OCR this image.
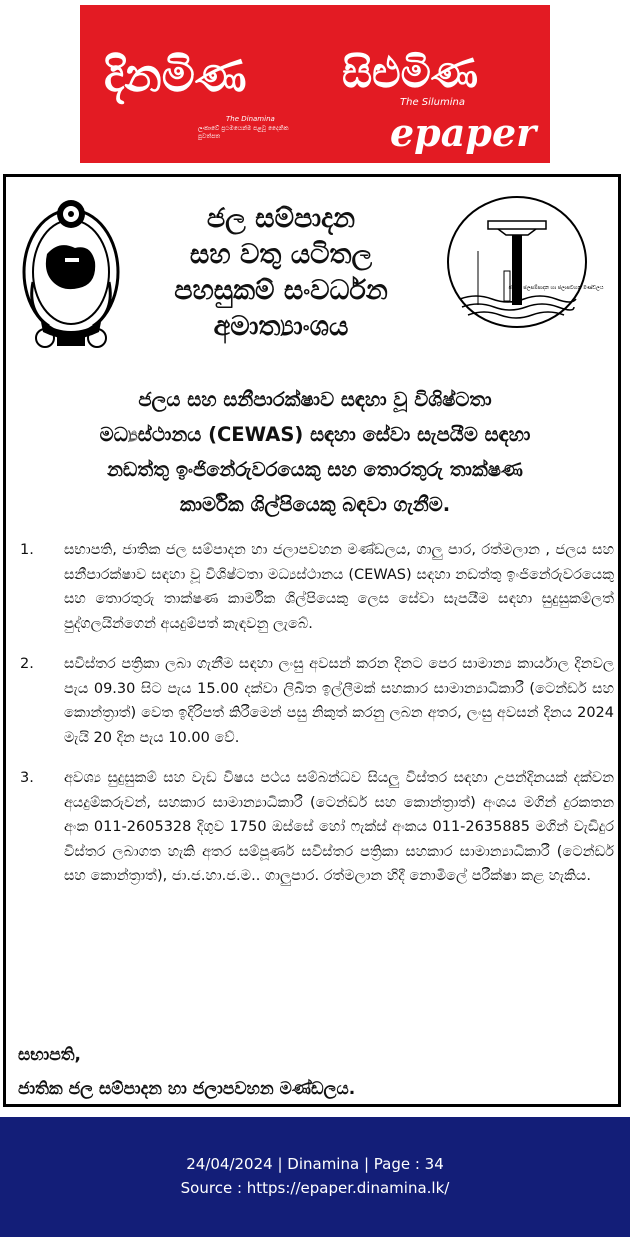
දිනමිණ
The Dinamina
ලංකාවේ ප්‍රථමයෙන්ම පළවූ දෛනික පුවත්පත
සිළුමිණ
The Silumina
epaper
ජාතික ජලසම්පාදන හා ජලාපවහන මණ්ඩලය
ජල සම්පාදන
සහ වතු යටිතල
පහසුකම් සංවර්ධන
අමාත්‍යාංශය
ජලය සහ සනීපාරක්ෂාව සඳහා වූ විශිෂ්ටතා
මධ්‍යස්ථානය (CEWAS) සඳහා සේවා සැපයීම සඳහා
නඩත්තු ඉංජිනේරුවරයෙකු සහ තොරතුරු තාක්ෂණ
කාර්මික ශිල්පියෙකු බඳවා ගැනීම.
1. සභාපති, ජාතික ජල සම්පාදන හා ජලාපවහන මණ්ඩලය, ගාලු පාර, රත්මලාන , ජලය සහ සනීපාරක්ෂාව සඳහා වූ විශිෂ්ටතා මධ්‍යස්ථානය (CEWAS) සඳහා නඩත්තු ඉංජිනේරුවරයෙකු සහ තොරතුරු තාක්ෂණ කාර්මික ශිල්පියෙකු ලෙස සේවා සැපයීම සඳහා සුදුසුකම්ලත් පුද්ගලයින්ගෙන් අයදුම්පත් කැඳවනු ලැබේ.
2. සවිස්තර පත්‍රිකා ලබා ගැනීම සඳහා ලංසු අවසන් කරන දිනට පෙර සාමාන්‍ය කාර්යාල දිනවල පැය 09.30 සිට පැය 15.00 දක්වා ලිඛිත ඉල්ලීමක් සහකාර සාමාන්‍යාධිකාරී (ටෙන්ඩර් සහ කොන්ත්‍රාත්) වෙත ඉදිරිපත් කිරීමෙන් පසු නිකුත් කරනු ලබන අතර, ලංසු අවසන් දිනය 2024 මැයි 20 දින පැය 10.00 වේ.
3. අවශ්‍ය සුදුසුකම් සහ වැඩ විෂය පථය සම්බන්ධව සියලු විස්තර සඳහා උපන්දිනයක් දක්වන අයදුම්කරුවන්, සහකාර සාමාන්‍යාධිකාරී (ටෙන්ඩර් සහ කොන්ත්‍රාත්) අංශය මගින් දුරකතන අංක 011-2605328 දිගුව 1750 ඔස්සේ හෝ ෆැක්ස් අංකය 011-2635885 මගින් වැඩිදුර විස්තර ලබාගත හැකි අතර සම්පූර්ණ සවිස්තර පත්‍රිකා සහකාර සාමාන්‍යාධිකාරී (ටෙන්ඩර් සහ කොන්ත්‍රාත්), ජා.ජ.හා.ජ.ම.. ගාලුපාර. රත්මලාන හිදී නොමිලේ පරීක්ෂා කළ හැකිය.
සභාපති,
ජාතික ජල සම්පාදන හා ජලාපවහන මණ්ඩලය.
24/04/2024 | Dinamina | Page : 34
Source : https://epaper.dinamina.lk/
